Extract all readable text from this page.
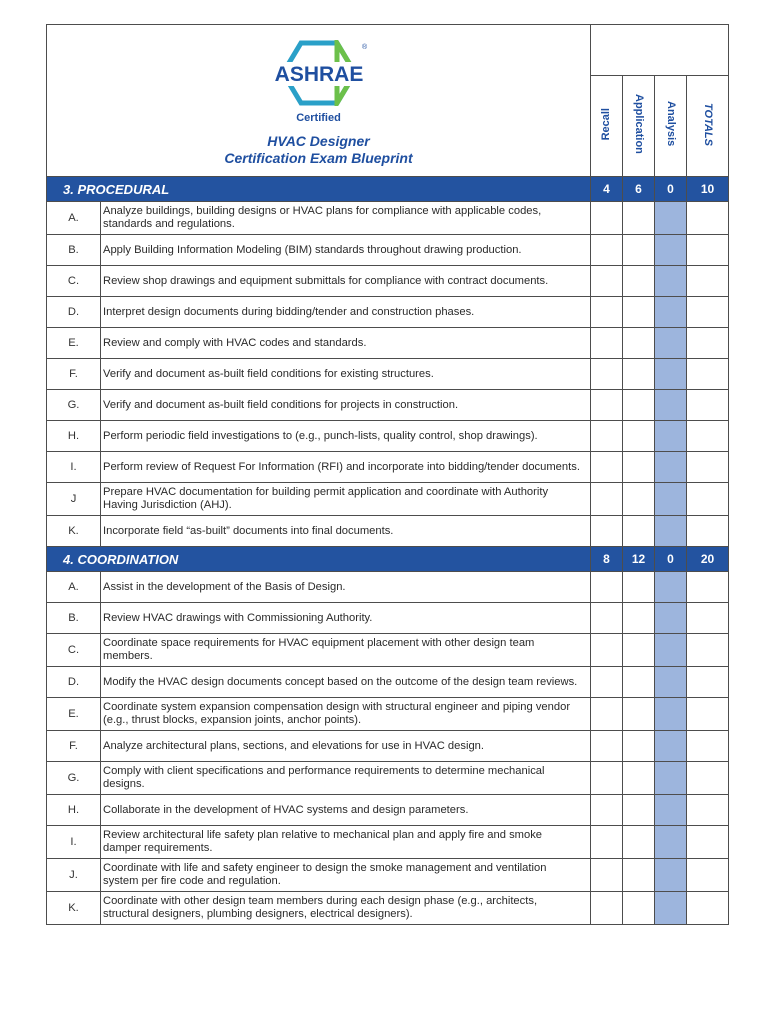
ASHRAE
®
Certified
HVAC Designer
Certification Exam Blueprint					

		Recall	Application	Analysis	TOTALS
3. PROCEDURAL		4	6	0	10
A.	Analyze buildings, building designs or HVAC plans for compliance with applicable codes, standards and regulations.				
B.	Apply Building Information Modeling (BIM) standards throughout drawing production.				
C.	Review shop drawings and equipment submittals for compliance with contract documents.				
D.	Interpret design documents during bidding/tender and construction phases.				
E.	Review and comply with HVAC codes and standards.				
F.	Verify and document as-built field conditions for existing structures.				
G.	Verify and document as-built field conditions for projects in construction.				
H.	Perform periodic field investigations to (e.g., punch-lists, quality control, shop drawings).				
I.	Perform review of Request For Information (RFI) and incorporate into bidding/tender documents.				
J	Prepare HVAC documentation for building permit application and coordinate with Authority Having Jurisdiction (AHJ).				
K.	Incorporate field “as-built” documents into final documents.				
4. COORDINATION		8	12	0	20
A.	Assist in the development of the Basis of Design.				
B.	Review HVAC drawings with Commissioning Authority.				
C.	Coordinate space requirements for HVAC equipment placement with other design team members.				
D.	Modify the HVAC design documents concept based on the outcome of the design team reviews.				
E.	Coordinate system expansion compensation design with structural engineer and piping vendor (e.g., thrust blocks, expansion joints, anchor points).				
F.	Analyze architectural plans, sections, and elevations for use in HVAC design.				
G.	Comply with client specifications and performance requirements to determine mechanical designs.				
H.	Collaborate in the development of HVAC systems and design parameters.				
I.	Review architectural life safety plan relative to mechanical plan and apply fire and smoke damper requirements.				
J.	Coordinate with life and safety engineer to design the smoke management and ventilation system per fire code and regulation.				
K.	Coordinate with other design team members during each design phase (e.g., architects, structural designers, plumbing designers, electrical designers).				
